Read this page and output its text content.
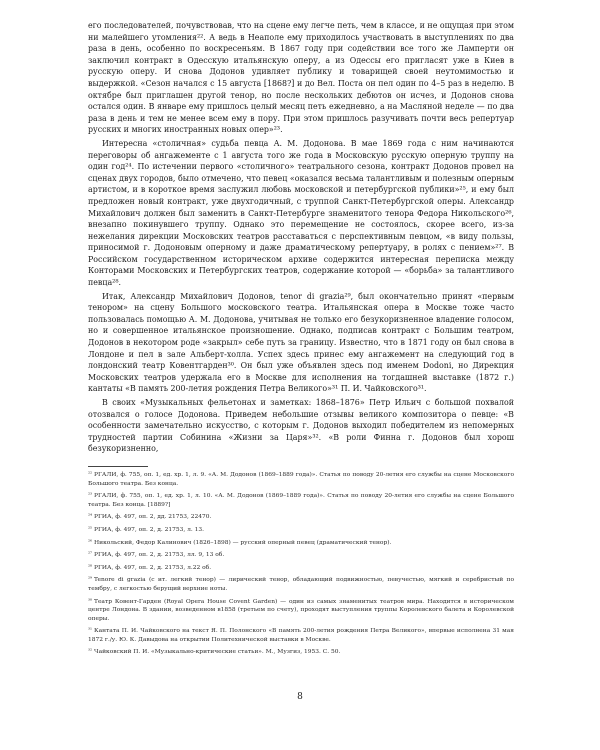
его последователей, почувствовав, что на сцене ему легче петь, чем в классе, и не ощущая при этом ни малейшего утомления²². А ведь в Неаполе ему приходилось участвовать в выступлениях по два раза в день, особенно по воскресеньям. В 1867 году при содействии все того же Ламперти он заключил контракт в Одесскую итальянскую оперу, а из Одессы его пригласят уже в Киев в русскую оперу. И снова Додонов удивляет публику и товарищей своей неутомимостью и выдержкой. «Сезон начался с 15 августа [1868?] и до Вел. Поста он пел один по 4–5 раз в неделю. В октябре был приглашен другой тенор, но после нескольких дебютов он исчез, и Додонов снова остался один. В январе ему пришлось целый месяц петь ежедневно, а на Масляной неделе — по два раза в день и тем не менее всем ему в пору. При этом пришлось разучивать почти весь репертуар русских и многих иностранных новых опер»²³.

Интересна «столичная» судьба певца А. М. Додонова. В мае 1869 года с ним начинаются переговоры об ангажементе с 1 августа того же года в Московскую русскую оперную труппу на один год²⁴. По истечении первого «столичного» театрального сезона, контракт Додонов провел на сценах двух городов, было отмечено, что певец «оказался весьма талантливым и полезным оперным артистом, и в короткое время заслужил любовь московской и петербургской публики»²⁵, и ему был предложен новый контракт, уже двухгодичный, с труппой Санкт-Петербургской оперы. Александр Михайлович должен был заменить в Санкт-Петербурге знаменитого тенора Федора Никольского²⁶, внезапно покинувшего труппу. Однако это перемещение не состоялось, скорее всего, из-за нежелания дирекции Московских театров расставаться с перспективным певцом, «в виду пользы, приносимой г. Додоновым оперному и даже драматическому репертуару, в ролях с пением»²⁷. В Российском государственном историческом архиве содержится интересная переписка между Конторами Московских и Петербургских театров, содержание которой — «борьба» за талантливого певца²⁸.

Итак, Александр Михайлович Додонов, tenor di grazia²⁹, был окончательно принят «первым тенором» на сцену Большого московского театра. Итальянская опера в Москве тоже часто пользовалась помощью А. М. Додонова, учитывая не только его безукоризненное владение голосом, но и совершенное итальянское произношение. Однако, подписав контракт с Большим театром, Додонов в некотором роде «закрыл» себе путь за границу. Известно, что в 1871 году он был снова в Лондоне и пел в зале Альберт-холла. Успех здесь принес ему ангажемент на следующий год в лондонский театр Ковентгарден³⁰. Он был уже объявлен здесь под именем Dodoni, но Дирекция Московских театров удержала его в Москве для исполнения на тогдашней выставке (1872 г.) кантаты «В память 200-летия рождения Петра Великого»³¹ П. И. Чайковского³¹.

В своих «Музыкальных фельетонах и заметках: 1868–1876» Петр Ильич с большой похвалой отозвался о голосе Додонова. Приведем небольшие отзывы великого композитора о певце: «В особенности замечательно искусство, с которым г. Додонов выходил победителем из непомерных трудностей партии Собинина «Жизни за Царя»³². «В роли Финна г. Додонов был хорош безукоризненно,

²² РГАЛИ, ф. 755, оп. 1, ед. хр. 1, л. 9. «А. М. Додонов (1869–1889 года)». Статья по поводу 20-летия его службы на сцене Московского Большого театра. Без конца.

²³ РГАЛИ, ф. 755, оп. 1, ед. хр. 1, л. 10. «А. М. Додонов (1869–1889 года)». Статья по поводу 20-летия его службы на сцене Большого театра. Без конца. [1889?]

²⁴ РГИА, ф. 497, оп. 2, дд. 21753, 22470.

²⁵ РГИА, ф. 497, оп. 2, д. 21753, л. 13.

²⁶ Никольский, Федор Калинович (1826–1898) — русский оперный певец (драматический тенор).

²⁷ РГИА, ф. 497, оп. 2, д. 21753, лл. 9, 13 об.

²⁸ РГИА, ф. 497, оп. 2, д. 21753, л.22 об.

²⁹ Tenore di grazia (с ит. легкий тенор) — лирический тенор, обладающий подвижностью, певучестью, мягкий и серебристый по тембру, с легкостью берущий верхние ноты.

³⁰ Театр Ковент-Гарден (Royal Opera House Covent Garden) — один из самых знаменитых театров мира. Находится в историческом центре Лондона. В здании, возведенном в1858 (третьем по счету), проходят выступления труппы Королевского балета и Королевской оперы.

³¹ Кантата П. И. Чайковского на текст Я. П. Полонского «В память 200-летия рождения Петра Великого», впервые исполнена 31 мая 1872 г./у. Ю. К. Давыдова на открытии Политехнической выставки в Москве.

³² Чайковский П. И. «Музыкально-критические статьи». М., Музгиз, 1953. С. 50.

8
